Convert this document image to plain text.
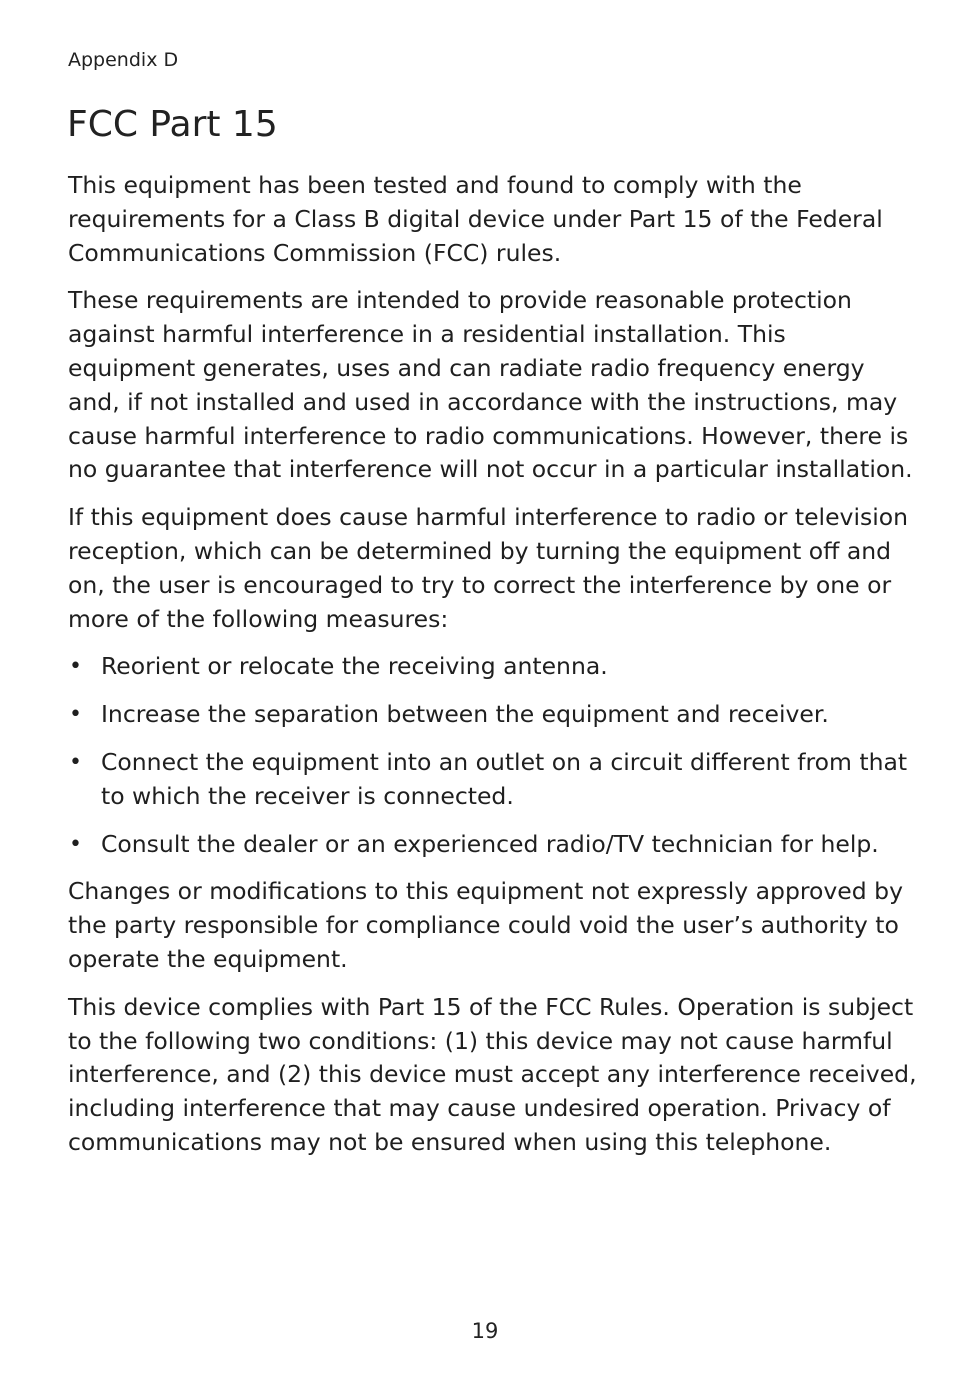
Appendix D
FCC Part 15

This equipment has been tested and found to comply with the requirements for a Class B digital device under Part 15 of the Federal Communications Commission (FCC) rules.

These requirements are intended to provide reasonable protection against harmful interference in a residential installation. This equipment generates, uses and can radiate radio frequency energy and, if not installed and used in accordance with the instructions, may cause harmful interference to radio communications. However, there is no guarantee that interference will not occur in a particular installation.

If this equipment does cause harmful interference to radio or television reception, which can be determined by turning the equipment off and on, the user is encouraged to try to correct the interference by one or more of the following measures:

• Reorient or relocate the receiving antenna.
• Increase the separation between the equipment and receiver.
• Connect the equipment into an outlet on a circuit different from that to which the receiver is connected.
• Consult the dealer or an experienced radio/TV technician for help.

Changes or modifications to this equipment not expressly approved by the party responsible for compliance could void the user’s authority to operate the equipment.

This device complies with Part 15 of the FCC Rules. Operation is subject to the following two conditions: (1) this device may not cause harmful interference, and (2) this device must accept any interference received, including interference that may cause undesired operation. Privacy of communications may not be ensured when using this telephone.

19
